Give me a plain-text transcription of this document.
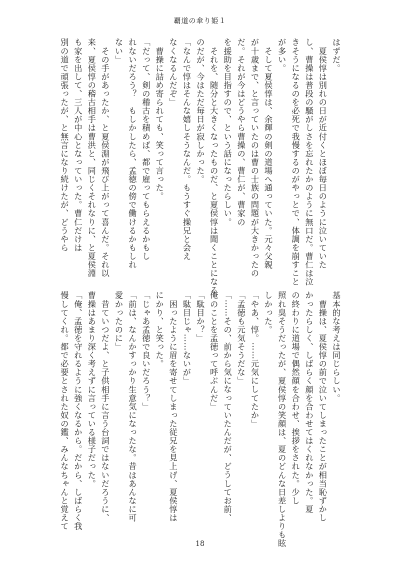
覇道の傘り姫１
はずだ。
　夏侯惇は別れの日が近付くとほぼ毎日のように泣いていた
し、曹操は普段の騒がしさを忘れたかのように無口だ。曹仁は泣
きそうになるのを必死で我慢するのがやっとで、体調を崩すこと
が多い。
　そして夏侯惇は、余輝の剣の道場へ通っていた。元々父親
が十歳まで、と言っていたのは曹の士族の問題が大きかったの
だ。それが今はどうやら曹操の、曹仁が、曹家の
を援助を目指すので、という話になったらしい。
　それを、随分と大きくなったものだ、と夏侯惇は聞くことになる
のだが、今はただ毎日が寂しかった。
「なんで惇はそんな嬉しそうなんだ。もうすぐ操兄と会え
なくなるんだぞ」
　曹操に詰め寄られても、笑って言った。
「だって、剣の稽古を積めば、都で雇ってもらえるかもし
れないだろう？　もしかしたら、孟徳の傍で働けるかもしれ
ない」
　その手があったか、と夏侯淵が飛び上がって喜んだ。それ以
来、夏侯惇の稽古相手は曹洪と、同じくそれなりに、と夏侯淵
も家を出して、三人が中心となっていった。曹仁だけは
別の道で頑張ったが、と無言になり続けたが、どうやら
基本的な考えは同じらしい。
　曹操は、夏侯惇の前で泣いてしまったことが相当恥ずかし
かったらしく、しばらく顔を合わせてはくれなかった。夏
の終わりに道場で偶然顔を合わせ、挨拶をされた。少し
照れ臭そうだったが、夏侯惇の笑顔は、夏のどんな日差しよりも眩
しかった。
「やあ、惇。……元気にしてたか」
「孟徳も元気そうだな」
「……その、前から気になっていたんだが、どうしてお前、
俺のことを孟徳って呼ぶんだ」
「駄目か？」
「駄目じゃ……ないが」
　困ったように眉を寄せてしまった従兄を見上げ、夏侯惇は
にかり、と笑った。
「じゃあ孟徳で良いだろう？」
「前は、なんかすっかり生意気になったな。昔はあんなに可
愛かったのに」
　昔ていつだよ、と子供相手に言う台詞ではないだろうに、
曹操はあまり深く考えずに言っている様子だった。
「俺、孟徳を守れるように強くなるから。だから、しばらく我
慢してくれ。都で必要とされた奴の鑑、みんなちゃんと覚えて
18
